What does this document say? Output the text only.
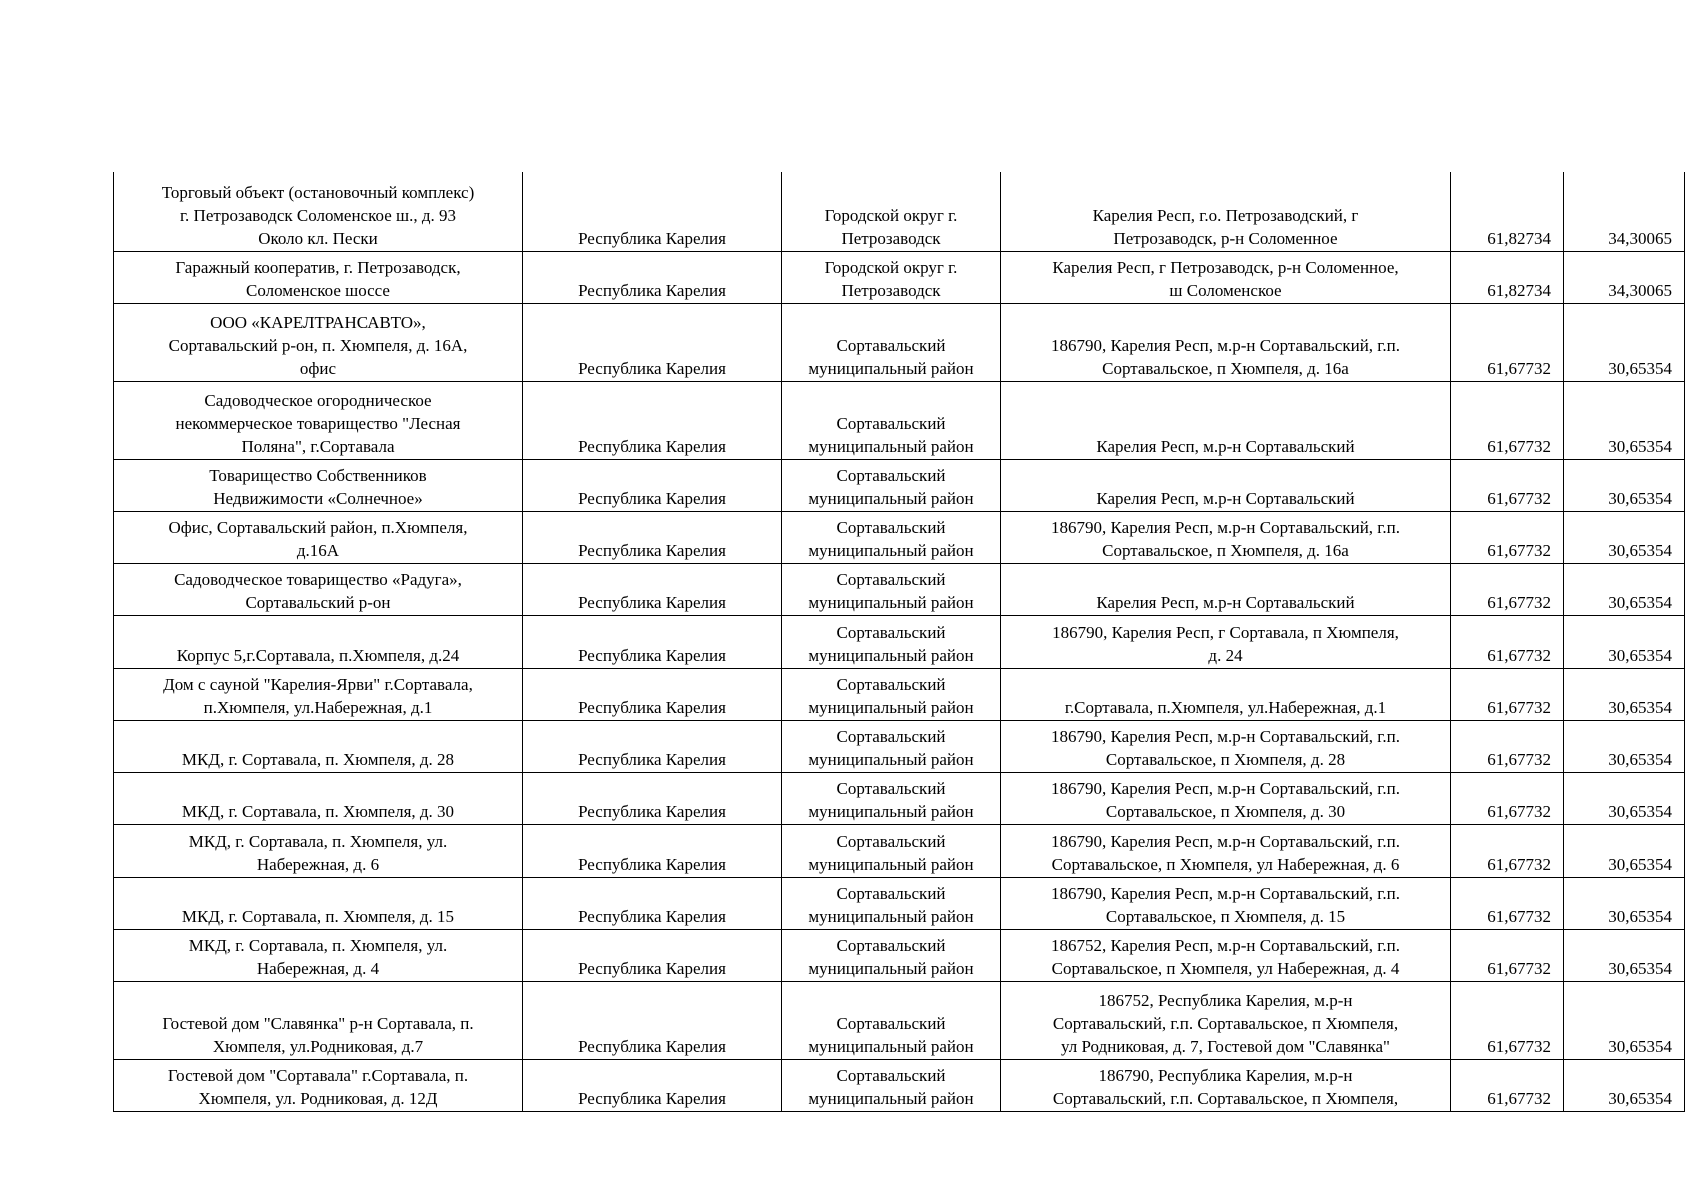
Торговый объект (остановочный комплекс)
г. Петрозаводск Соломенское ш., д. 93
Около кл. Пески	Республика Карелия	Городской округ г.
Петрозаводск	Карелия Респ, г.о. Петрозаводский, г
Петрозаводск, р-н Соломенное	61,82734	34,30065
Гаражный кооператив, г. Петрозаводск,
Соломенское шоссе	Республика Карелия	Городской округ г.
Петрозаводск	Карелия Респ, г Петрозаводск, р-н Соломенное,
ш Соломенское	61,82734	34,30065
ООО «КАРЕЛТРАНСАВТО»,
Сортавальский р-он, п. Хюмпеля, д. 16А,
офис	Республика Карелия	Сортавальский
муниципальный район	186790, Карелия Респ, м.р-н Сортавальский, г.п.
Сортавальское, п Хюмпеля, д. 16а	61,67732	30,65354
Садоводческое огородническое
некоммерческое товарищество "Лесная
Поляна", г.Сортавала	Республика Карелия	Сортавальский
муниципальный район	Карелия Респ, м.р-н Сортавальский	61,67732	30,65354
Товарищество Собственников
Недвижимости «Солнечное»	Республика Карелия	Сортавальский
муниципальный район	Карелия Респ, м.р-н Сортавальский	61,67732	30,65354
Офис, Сортавальский район, п.Хюмпеля,
д.16А	Республика Карелия	Сортавальский
муниципальный район	186790, Карелия Респ, м.р-н Сортавальский, г.п.
Сортавальское, п Хюмпеля, д. 16а	61,67732	30,65354
Садоводческое товарищество «Радуга»,
Сортавальский р-он	Республика Карелия	Сортавальский
муниципальный район	Карелия Респ, м.р-н Сортавальский	61,67732	30,65354
Корпус 5,г.Сортавала, п.Хюмпеля, д.24	Республика Карелия	Сортавальский
муниципальный район	186790, Карелия Респ, г Сортавала, п Хюмпеля,
д. 24	61,67732	30,65354
Дом с сауной "Карелия-Ярви" г.Сортавала,
п.Хюмпеля, ул.Набережная, д.1	Республика Карелия	Сортавальский
муниципальный район	г.Сортавала, п.Хюмпеля, ул.Набережная, д.1	61,67732	30,65354
МКД, г. Сортавала, п. Хюмпеля, д. 28	Республика Карелия	Сортавальский
муниципальный район	186790, Карелия Респ, м.р-н Сортавальский, г.п.
Сортавальское, п Хюмпеля, д. 28	61,67732	30,65354
МКД, г. Сортавала, п. Хюмпеля, д. 30	Республика Карелия	Сортавальский
муниципальный район	186790, Карелия Респ, м.р-н Сортавальский, г.п.
Сортавальское, п Хюмпеля, д. 30	61,67732	30,65354
МКД, г. Сортавала, п. Хюмпеля, ул.
Набережная, д. 6	Республика Карелия	Сортавальский
муниципальный район	186790, Карелия Респ, м.р-н Сортавальский, г.п.
Сортавальское, п Хюмпеля, ул Набережная, д. 6	61,67732	30,65354
МКД, г. Сортавала, п. Хюмпеля, д. 15	Республика Карелия	Сортавальский
муниципальный район	186790, Карелия Респ, м.р-н Сортавальский, г.п.
Сортавальское, п Хюмпеля, д. 15	61,67732	30,65354
МКД, г. Сортавала, п. Хюмпеля, ул.
Набережная, д. 4	Республика Карелия	Сортавальский
муниципальный район	186752, Карелия Респ, м.р-н Сортавальский, г.п.
Сортавальское, п Хюмпеля, ул Набережная, д. 4	61,67732	30,65354
Гостевой дом "Славянка" р-н Сортавала, п.
Хюмпеля, ул.Родниковая, д.7	Республика Карелия	Сортавальский
муниципальный район	186752, Республика Карелия, м.р-н
Сортавальский, г.п. Сортавальское, п Хюмпеля,
ул Родниковая, д. 7, Гостевой дом "Славянка"	61,67732	30,65354
Гостевой дом "Сортавала" г.Сортавала, п.
Хюмпеля, ул. Родниковая, д. 12Д	Республика Карелия	Сортавальский
муниципальный район	186790, Республика Карелия, м.р-н
Сортавальский, г.п. Сортавальское, п Хюмпеля,	61,67732	30,65354
